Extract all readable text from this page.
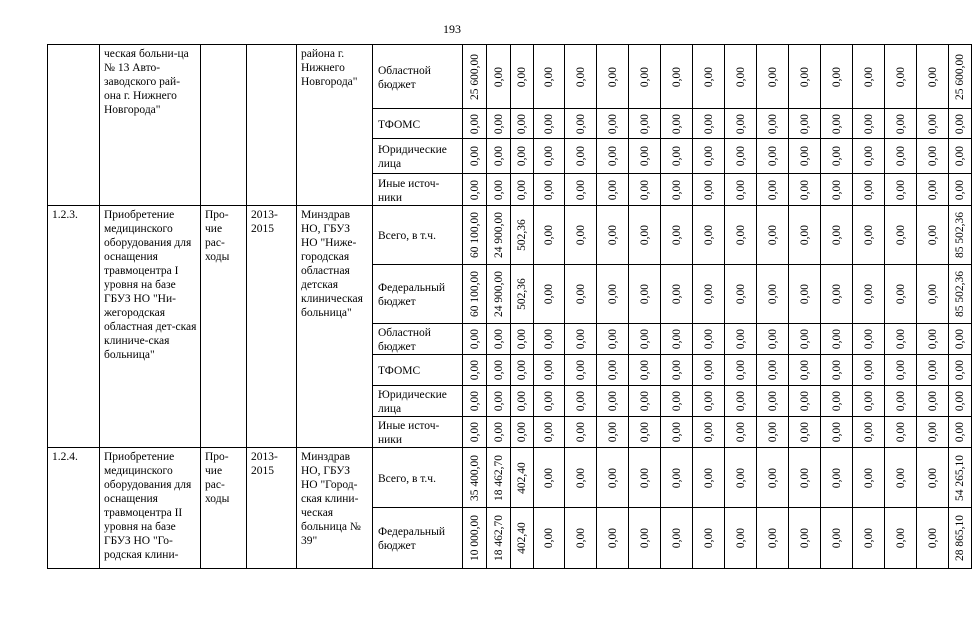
193
	ческая больни-ца № 13 Авто-заводского рай-она г. Нижнего Новгорода"			района г. Нижнего Новгорода"	Областной бюджет	25 600,00	0,00	0,00	0,00	0,00	0,00	0,00	0,00	0,00	0,00	0,00	0,00	0,00	0,00	0,00	0,00	25 600,00

					ТФОМС	0,00	0,00	0,00	0,00	0,00	0,00	0,00	0,00	0,00	0,00	0,00	0,00	0,00	0,00	0,00	0,00	0,00

					Юридические лица	0,00	0,00	0,00	0,00	0,00	0,00	0,00	0,00	0,00	0,00	0,00	0,00	0,00	0,00	0,00	0,00	0,00

					Иные источ-ники	0,00	0,00	0,00	0,00	0,00	0,00	0,00	0,00	0,00	0,00	0,00	0,00	0,00	0,00	0,00	0,00	0,00

1.2.3.	Приобретение медицинского оборудования для оснащения травмоцентра I уровня на базе ГБУЗ НО "Ни-жегородская областная дет-ская клиниче-ская больница"	Про-чие рас-ходы	2013-2015	Минздрав НО, ГБУЗ НО "Ниже-городская областная детская клиническая больница"	Всего, в т.ч.	60 100,00	24 900,00	502,36	0,00	0,00	0,00	0,00	0,00	0,00	0,00	0,00	0,00	0,00	0,00	0,00	0,00	85 502,36

					Федеральный бюджет	60 100,00	24 900,00	502,36	0,00	0,00	0,00	0,00	0,00	0,00	0,00	0,00	0,00	0,00	0,00	0,00	0,00	85 502,36

					Областной бюджет	0,00	0,00	0,00	0,00	0,00	0,00	0,00	0,00	0,00	0,00	0,00	0,00	0,00	0,00	0,00	0,00	0,00

					ТФОМС	0,00	0,00	0,00	0,00	0,00	0,00	0,00	0,00	0,00	0,00	0,00	0,00	0,00	0,00	0,00	0,00	0,00

					Юридические лица	0,00	0,00	0,00	0,00	0,00	0,00	0,00	0,00	0,00	0,00	0,00	0,00	0,00	0,00	0,00	0,00	0,00

					Иные источ-ники	0,00	0,00	0,00	0,00	0,00	0,00	0,00	0,00	0,00	0,00	0,00	0,00	0,00	0,00	0,00	0,00	0,00

1.2.4.	Приобретение медицинского оборудования для оснащения травмоцентра II уровня на базе ГБУЗ НО "Го-родская клини-	Про-чие рас-ходы	2013-2015	Минздрав НО, ГБУЗ НО "Город-ская клини-ческая больница № 39"	Всего, в т.ч.	35 400,00	18 462,70	402,40	0,00	0,00	0,00	0,00	0,00	0,00	0,00	0,00	0,00	0,00	0,00	0,00	0,00	54 265,10

					Федеральный бюджет	10 000,00	18 462,70	402,40	0,00	0,00	0,00	0,00	0,00	0,00	0,00	0,00	0,00	0,00	0,00	0,00	0,00	28 865,10
